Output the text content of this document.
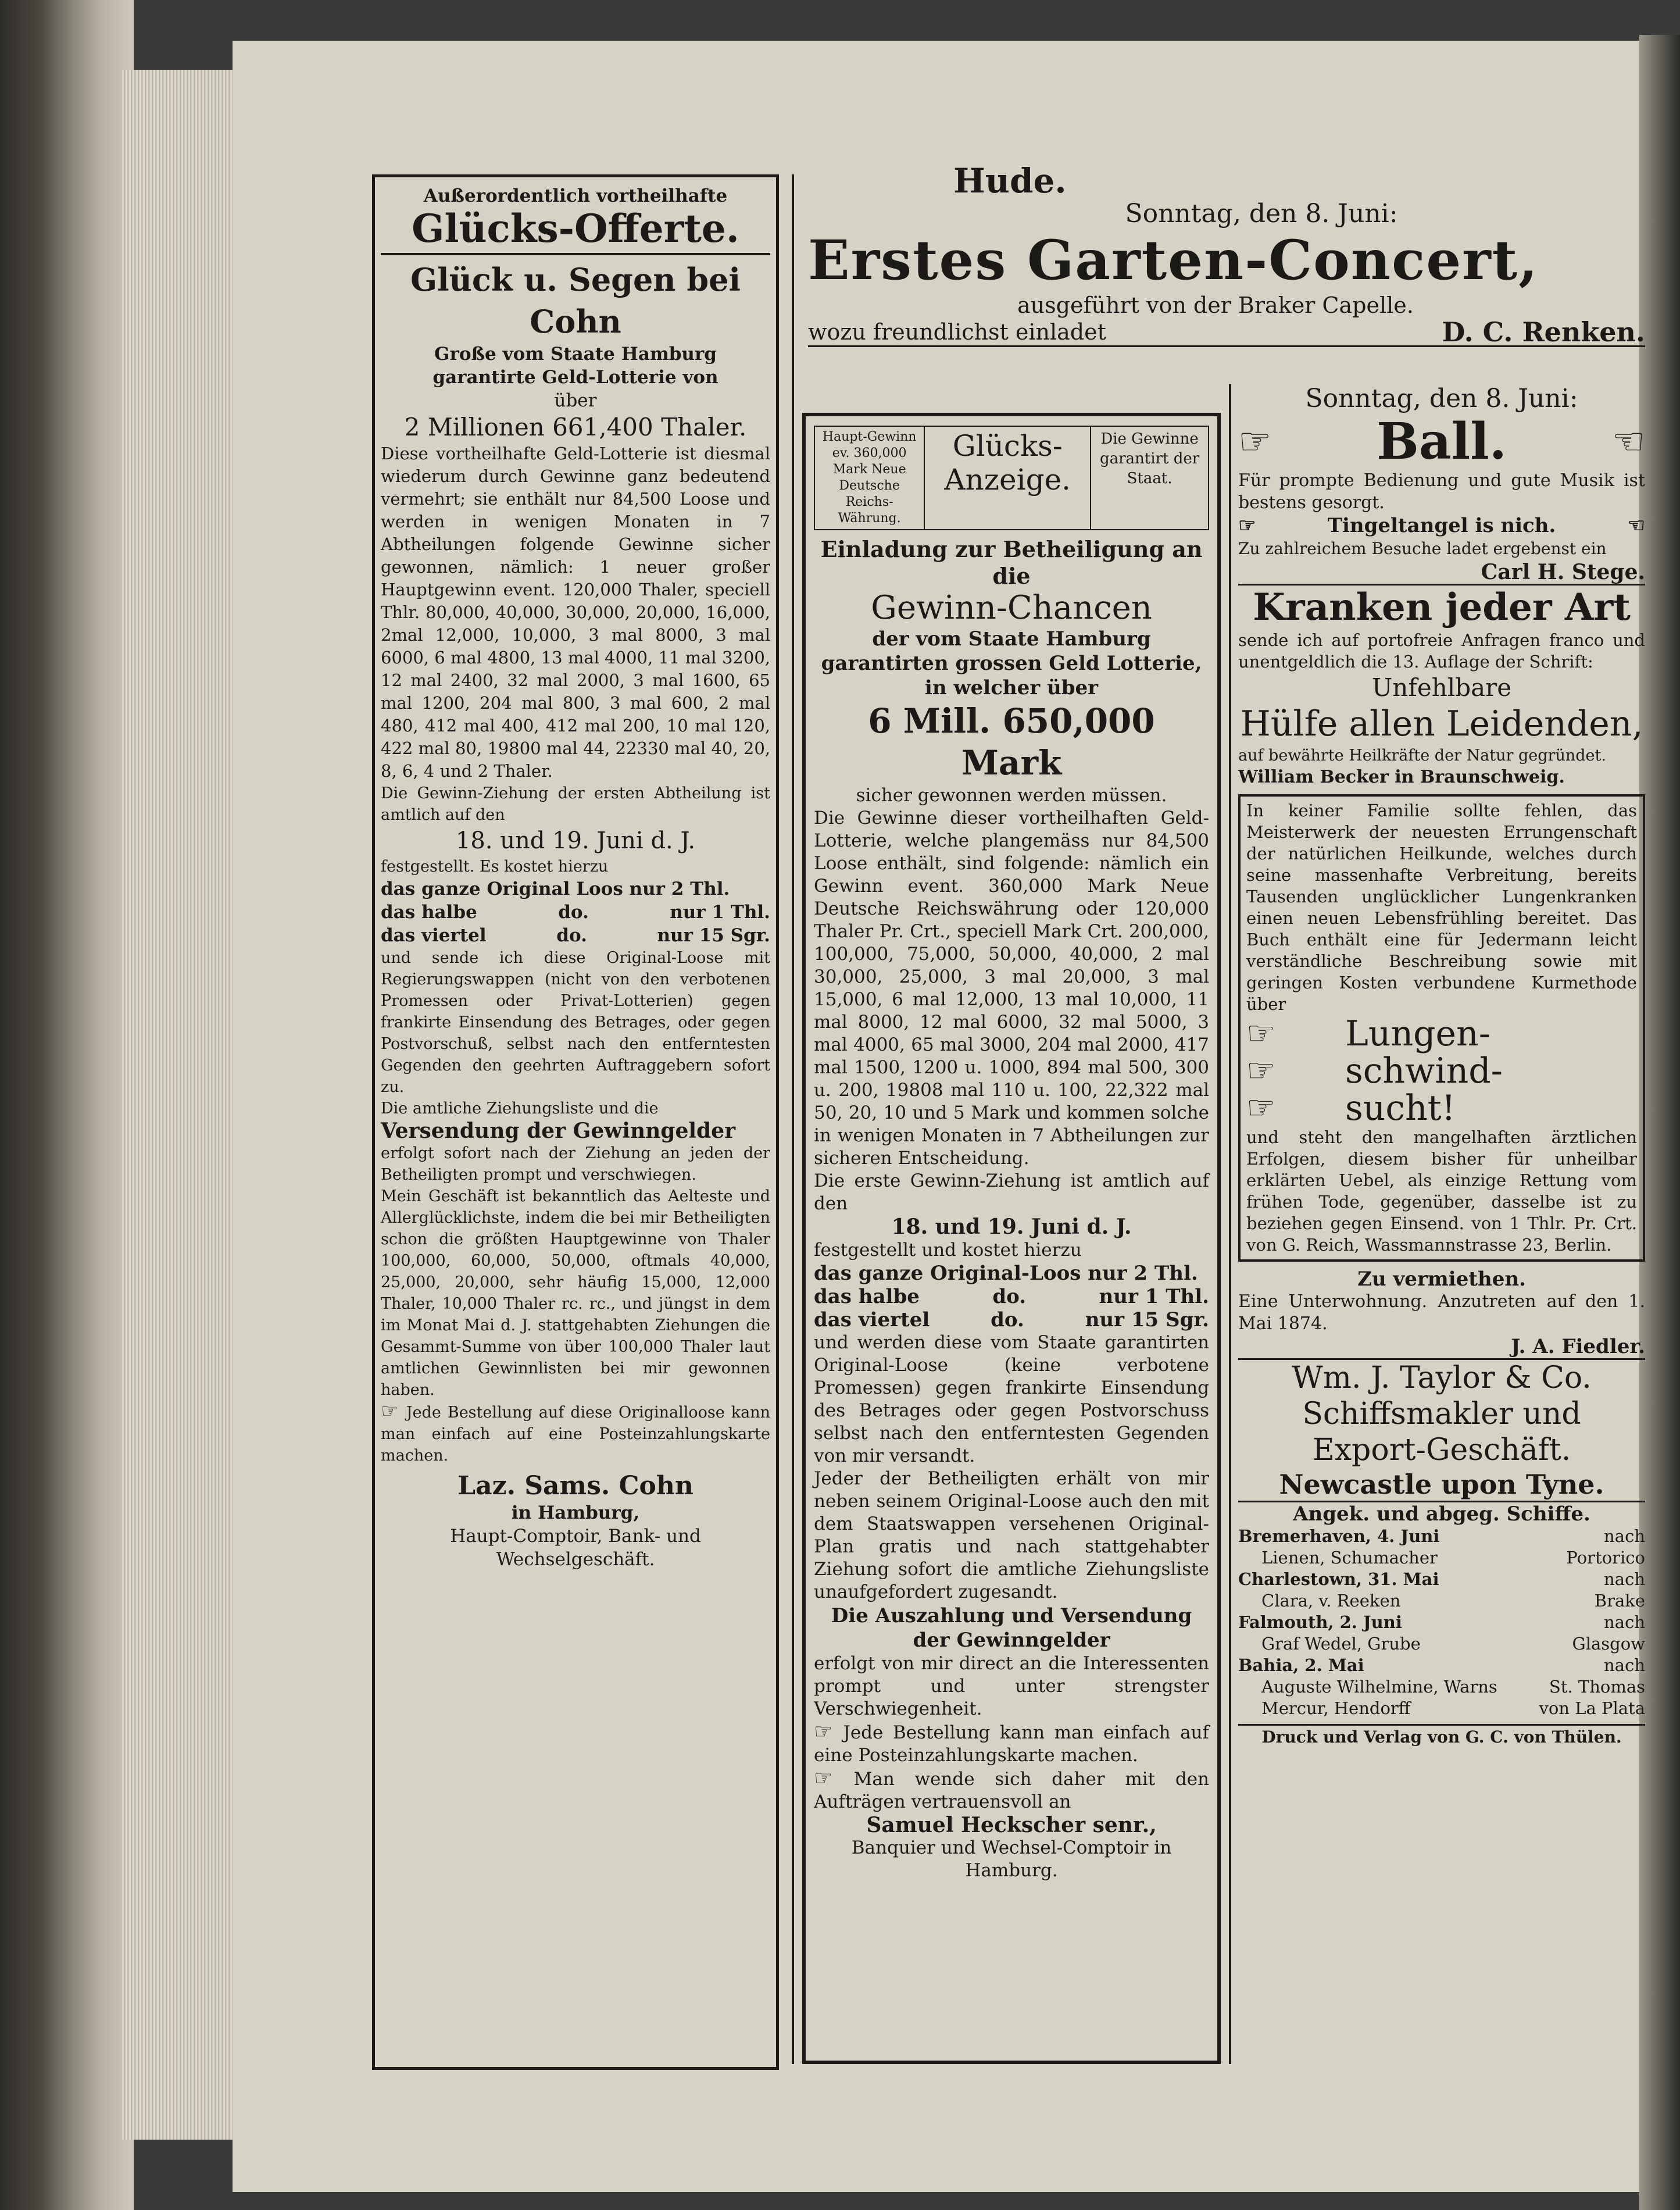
Außerordentlich vortheilhafte

Glücks-Offerte.

Glück u. Segen bei Cohn

Große vom Staate Hamburg

garantirte Geld-Lotterie von

über

2 Millionen 661,400 Thaler.

Diese vortheilhafte Geld-Lotterie ist diesmal wiederum durch Gewinne ganz bedeutend vermehrt; sie enthält nur 84,500 Loose und werden in wenigen Monaten in 7 Abtheilungen folgende Gewinne sicher gewonnen, nämlich: 1 neuer großer Hauptgewinn event. 120,000 Thaler, speciell Thlr. 80,000, 40,000, 30,000, 20,000, 16,000, 2mal 12,000, 10,000, 3 mal 8000, 3 mal 6000, 6 mal 4800, 13 mal 4000, 11 mal 3200, 12 mal 2400, 32 mal 2000, 3 mal 1600, 65 mal 1200, 204 mal 800, 3 mal 600, 2 mal 480, 412 mal 400, 412 mal 200, 10 mal 120, 422 mal 80, 19800 mal 44, 22330 mal 40, 20, 8, 6, 4 und 2 Thaler.

Die Gewinn-Ziehung der ersten Abtheilung ist amtlich auf den

18. und 19. Juni d. J.

festgestellt. Es kostet hierzu

das ganze Original Loos nur 2 Thl.

das halbe	do.	nur 1 Thl.

das viertel	do.	nur 15 Sgr.

und sende ich diese Original-Loose mit Regierungswappen (nicht von den verbotenen Promessen oder Privat-Lotterien) gegen frankirte Einsendung des Betrages, oder gegen Postvorschuß, selbst nach den entferntesten Gegenden den geehrten Auftraggebern sofort zu.

Die amtliche Ziehungsliste und die

Versendung der Gewinngelder

erfolgt sofort nach der Ziehung an jeden der Betheiligten prompt und verschwiegen.

Mein Geschäft ist bekanntlich das Aelteste und Allerglücklichste, indem die bei mir Betheiligten schon die größten Hauptgewinne von Thaler 100,000, 60,000, 50,000, oftmals 40,000, 25,000, 20,000, sehr häufig 15,000, 12,000 Thaler, 10,000 Thaler rc. rc., und jüngst in dem im Monat Mai d. J. stattgehabten Ziehungen die Gesammt-Summe von über 100,000 Thaler laut amtlichen Gewinnlisten bei mir gewonnen haben.

☞ Jede Bestellung auf diese Originalloose kann man einfach auf eine Posteinzahlungskarte machen.

Laz. Sams. Cohn

in Hamburg,

Haupt-Comptoir, Bank- und

Wechselgeschäft.

Hude.

Sonntag, den 8. Juni:

Erstes Garten-Concert,

ausgeführt von der Braker Capelle.

wozu freundlichst einladet	D. C. Renken.

Haupt-Gewinn ev. 360,000 Mark Neue Deutsche Reichs-Währung.
Glücks-Anzeige.
Die Gewinne garantirt der Staat.

Einladung zur Betheiligung an die

Gewinn-Chancen

der vom Staate Hamburg garantirten grossen Geld Lotterie, in welcher über

6 Mill. 650,000 Mark

sicher gewonnen werden müssen.

Die Gewinne dieser vortheilhaften Geld-Lotterie, welche plangemäss nur 84,500 Loose enthält, sind folgende: nämlich ein Gewinn event. 360,000 Mark Neue Deutsche Reichswährung oder 120,000 Thaler Pr. Crt., speciell Mark Crt. 200,000, 100,000, 75,000, 50,000, 40,000, 2 mal 30,000, 25,000, 3 mal 20,000, 3 mal 15,000, 6 mal 12,000, 13 mal 10,000, 11 mal 8000, 12 mal 6000, 32 mal 5000, 3 mal 4000, 65 mal 3000, 204 mal 2000, 417 mal 1500, 1200 u. 1000, 894 mal 500, 300 u. 200, 19808 mal 110 u. 100, 22,322 mal 50, 20, 10 und 5 Mark und kommen solche in wenigen Monaten in 7 Abtheilungen zur sicheren Entscheidung.

Die erste Gewinn-Ziehung ist amtlich auf den

18. und 19. Juni d. J.

festgestellt und kostet hierzu

das ganze Original-Loos nur 2 Thl.

das halbe	do.	nur 1 Thl.

das viertel	do.	nur 15 Sgr.

und werden diese vom Staate garantirten Original-Loose (keine verbotene Promessen) gegen frankirte Einsendung des Betrages oder gegen Postvorschuss selbst nach den entferntesten Gegenden von mir versandt.

Jeder der Betheiligten erhält von mir neben seinem Original-Loose auch den mit dem Staatswappen versehenen Original-Plan gratis und nach stattgehabter Ziehung sofort die amtliche Ziehungsliste unaufgefordert zugesandt.

Die Auszahlung und Versendung der Gewinngelder

erfolgt von mir direct an die Interessenten prompt und unter strengster Verschwiegenheit.

☞ Jede Bestellung kann man einfach auf eine Posteinzahlungskarte machen.

☞ Man wende sich daher mit den Aufträgen vertrauensvoll an

Samuel Heckscher senr.,

Banquier und Wechsel-Comptoir in Hamburg.

Sonntag, den 8. Juni:

☞ Ball.	☜

Für prompte Bedienung und gute Musik ist bestens gesorgt.

☞	Tingeltangel is nich.	☜

Zu zahlreichem Besuche ladet ergebenst ein

Carl H. Stege.

Kranken jeder Art

sende ich auf portofreie Anfragen franco und unentgeldlich die 13. Auflage der Schrift:

Unfehlbare

Hülfe allen Leidenden,

auf bewährte Heilkräfte der Natur gegründet.

William Becker in Braunschweig.

In keiner Familie sollte fehlen, das Meisterwerk der neuesten Errungenschaft der natürlichen Heilkunde, welches durch seine massenhafte Verbreitung, bereits Tausenden unglücklicher Lungenkranken einen neuen Lebensfrühling bereitet. Das Buch enthält eine für Jedermann leicht verständliche Beschreibung sowie mit geringen Kosten verbundene Kurmethode über

☞
☞
☞
Lungen-
schwind-
sucht!

und steht den mangelhaften ärztlichen Erfolgen, diesem bisher für unheilbar erklärten Uebel, als einzige Rettung vom frühen Tode, gegenüber, dasselbe ist zu beziehen gegen Einsend. von 1 Thlr. Pr. Crt. von G. Reich, Wassmannstrasse 23, Berlin.

Zu vermiethen.

Eine Unterwohnung. Anzutreten auf den 1. Mai 1874.

J. A. Fiedler.

Wm. J. Taylor & Co.

Schiffsmakler und

Export-Geschäft.

Newcastle upon Tyne.

Angek. und abgeg. Schiffe.

Bremerhaven, 4. Juni	nach

Lienen, Schumacher	Portorico

Charlestown, 31. Mai	nach

Clara, v. Reeken	Brake

Falmouth, 2. Juni	nach

Graf Wedel, Grube	Glasgow

Bahia, 2. Mai	nach

Auguste Wilhelmine, Warns	St. Thomas

Mercur, Hendorff	von La Plata

Druck und Verlag von G. C. von Thülen.
